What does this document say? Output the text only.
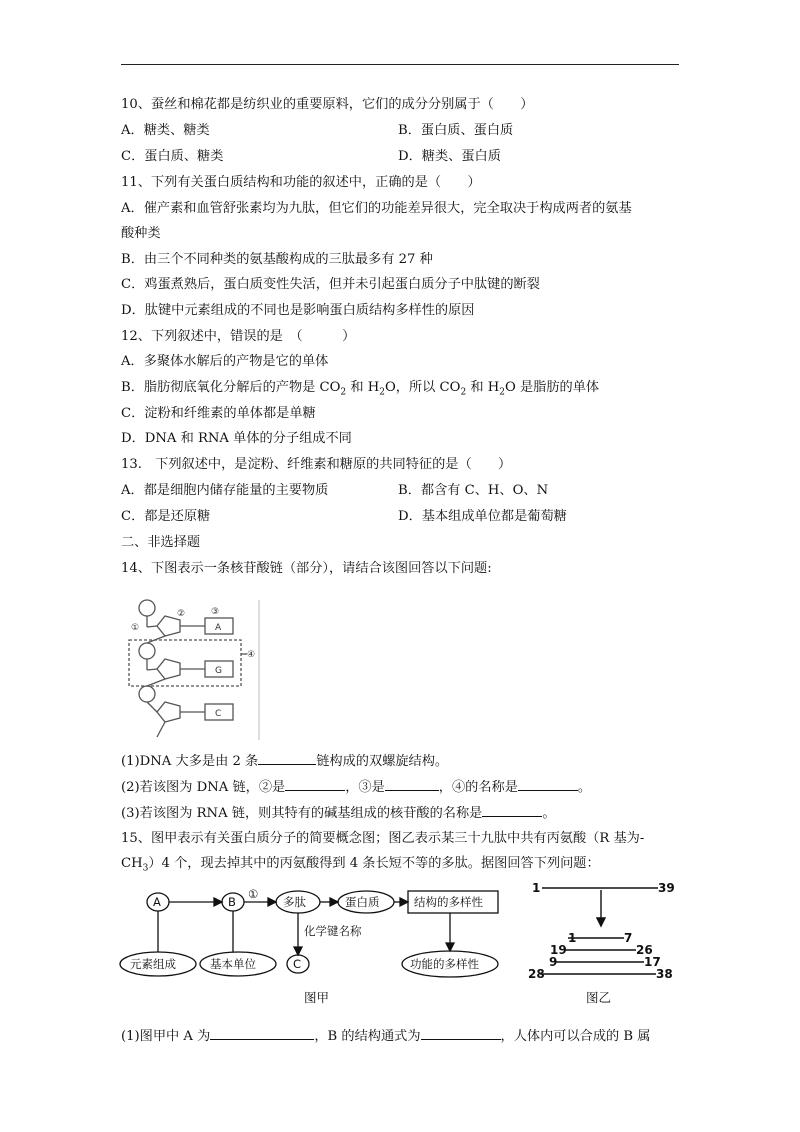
10、蚕丝和棉花都是纺织业的重要原料，它们的成分分别属于（　　）
A．糖类、糖类	B．蛋白质、蛋白质
C．蛋白质、糖类	D．糖类、蛋白质
11、下列有关蛋白质结构和功能的叙述中，正确的是（　　）
A．催产素和血管舒张素均为九肽，但它们的功能差异很大，完全取决于构成两者的氨基
酸种类
B．由三个不同种类的氨基酸构成的三肽最多有 27 种
C．鸡蛋煮熟后，蛋白质变性失活，但并未引起蛋白质分子中肽键的断裂
D．肽键中元素组成的不同也是影响蛋白质结构多样性的原因
12、下列叙述中，错误的是　（　　　）
A．多聚体水解后的产物是它的单体
B．脂肪彻底氧化分解后的产物是 $CO_2$ 和 $H_2O$，所以 $CO_2$ 和 $H_2O$ 是脂肪的单体
C．淀粉和纤维素的单体都是单糖
D．DNA 和 RNA 单体的分子组成不同
13.　下列叙述中，是淀粉、纤维素和糖原的共同特征的是（　　）
A．都是细胞内储存能量的主要物质	B．都含有 C、H、O、N
C．都是还原糖	D．基本组成单位都是葡萄糖
二、非选择题
14、下图表示一条核苷酸链（部分），请结合该图回答以下问题:
①
②	③
④
A
G
C
(1)DNA 大多是由 2 条	链构成的双螺旋结构。
(2)若该图为 DNA 链，②是	，③是	，④的名称是	。
(3)若该图为 RNA 链，则其特有的碱基组成的核苷酸的名称是	。
15、图甲表示有关蛋白质分子的简要概念图；图乙表示某三十九肽中共有丙氨酸（R 基为-
$CH_3)4$ 个，现去掉其中的丙氨酸得到 4 条长短不等的多肽。据图回答下列问题：
A	B
①
多肽	蛋白质	结构的多样性
元素组成	基本单位
化学键名称
C	功能的多样性
图甲
1	39
1	7
19	26
9	17
28	38
图乙
(1)图甲中 A 为	，B 的结构通式为	，人体内可以合成的 B 属
